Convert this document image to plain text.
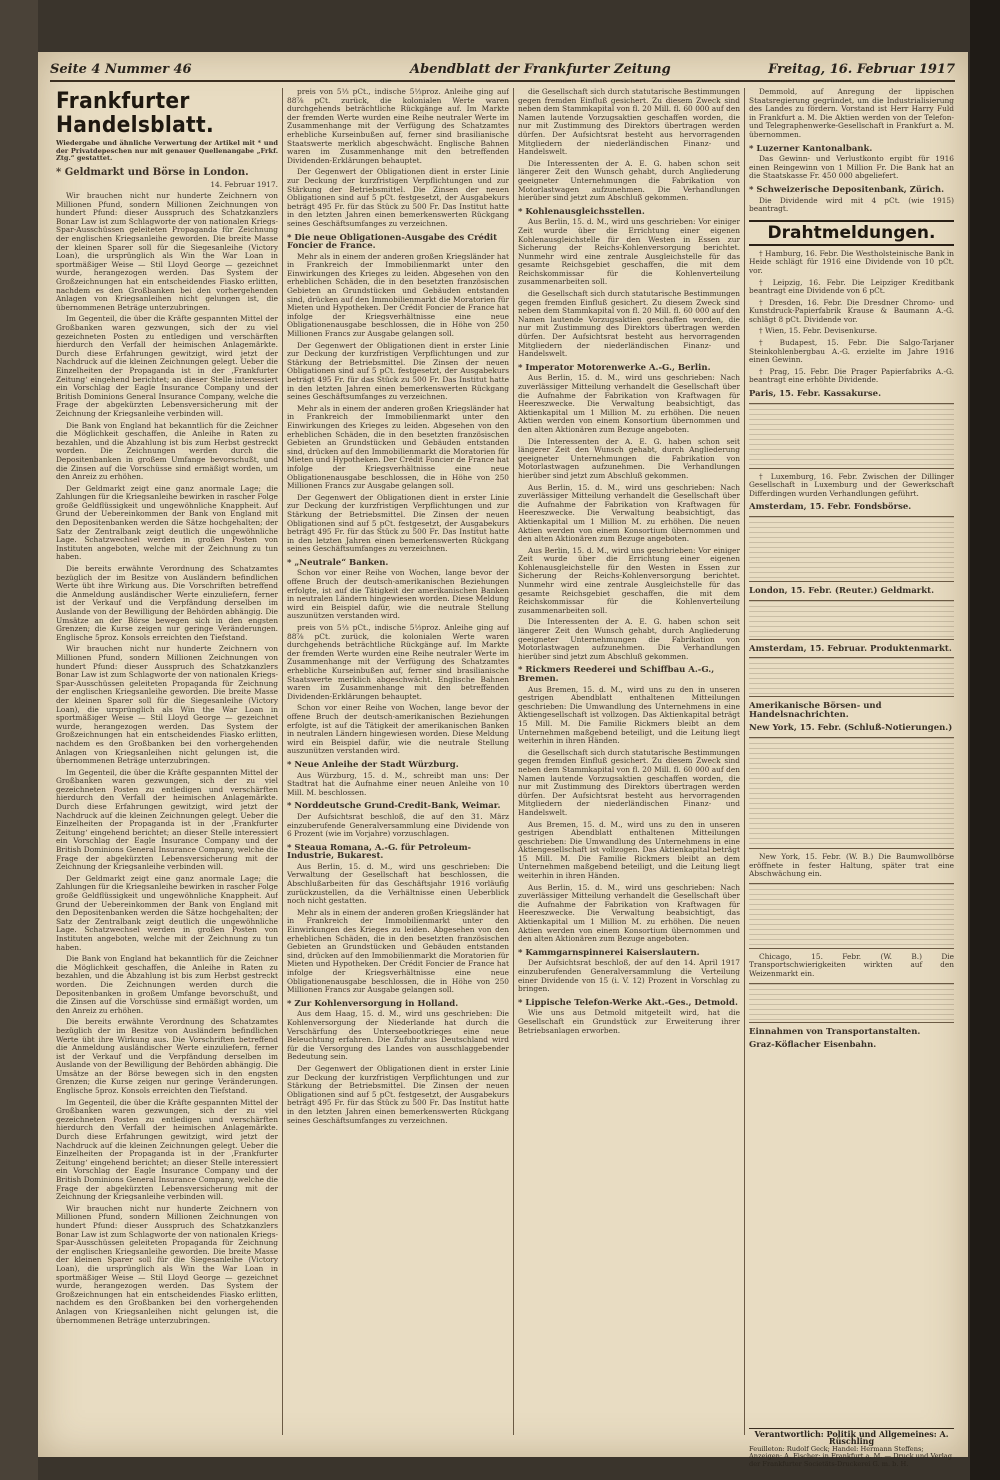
Seite 4 Nummer 46	Abendblatt der Frankfurter Zeitung	Freitag, 16. Februar 1917
Frankfurter Handelsblatt.
Wiedergabe und ähnliche Verwertung der Artikel mit * und der Privatdepeschen nur mit genauer Quellenangabe „Frkf. Ztg.“ gestattet.
* Geldmarkt und Börse in London.
14. Februar 1917.

Wir brauchen nicht nur hunderte Zeichnern von Millionen Pfund, sondern Millionen Zeichnungen von hundert Pfund: dieser Ausspruch des Schatzkanzlers Bonar Law ist zum Schlagworte der von nationalen Kriegs-Spar-Ausschüssen geleiteten Propaganda für Zeichnung der englischen Kriegsanleihe geworden. Die breite Masse der kleinen Sparer soll für die Siegesanleihe (Victory Loan), die ursprünglich als Win the War Loan in sportmäßiger Weise — Stil Lloyd George — gezeichnet wurde, herangezogen werden. Das System der Großzeichnungen hat ein entscheidendes Fiasko erlitten, nachdem es den Großbanken bei den vorhergehenden Anlagen von Kriegsanleihen nicht gelungen ist, die übernommenen Beträge unterzubringen.

Im Gegenteil, die über die Kräfte gespannten Mittel der Großbanken waren gezwungen, sich der zu viel gezeichneten Posten zu entledigen und verschärften hierdurch den Verfall der heimischen Anlagemärkte. Durch diese Erfahrungen gewitzigt, wird jetzt der Nachdruck auf die kleinen Zeichnungen gelegt. Ueber die Einzelheiten der Propaganda ist in der ‚Frankfurter Zeitung‘ eingehend berichtet; an dieser Stelle interessiert ein Vorschlag der Eagle Insurance Company und der British Dominions General Insurance Company, welche die Frage der abgekürzten Lebensversicherung mit der Zeichnung der Kriegsanleihe verbinden will.

Die Bank von England hat bekanntlich für die Zeichner die Möglichkeit geschaffen, die Anleihe in Raten zu bezahlen, und die Abzahlung ist bis zum Herbst gestreckt worden. Die Zeichnungen werden durch die Depositenbanken in großem Umfange bevorschußt, und die Zinsen auf die Vorschüsse sind ermäßigt worden, um den Anreiz zu erhöhen.

Der Geldmarkt zeigt eine ganz anormale Lage; die Zahlungen für die Kriegsanleihe bewirken in rascher Folge große Geldflüssigkeit und ungewöhnliche Knappheit. Auf Grund der Uebereinkommen der Bank von England mit den Depositenbanken werden die Sätze hochgehalten; der Satz der Zentralbank zeigt deutlich die ungewöhnliche Lage. Schatzwechsel werden in großen Posten von Instituten angeboten, welche mit der Zeichnung zu tun haben.

Die bereits erwähnte Verordnung des Schatzamtes bezüglich der im Besitze von Ausländern befindlichen Werte übt ihre Wirkung aus. Die Vorschriften betreffend die Anmeldung ausländischer Werte einzuliefern, ferner ist der Verkauf und die Verpfändung derselben im Auslande von der Bewilligung der Behörden abhängig. Die Umsätze an der Börse bewegen sich in den engsten Grenzen; die Kurse zeigen nur geringe Veränderungen. Englische 5proz. Konsols erreichten den Tiefstand.

Wir brauchen nicht nur hunderte Zeichnern von Millionen Pfund, sondern Millionen Zeichnungen von hundert Pfund: dieser Ausspruch des Schatzkanzlers Bonar Law ist zum Schlagworte der von nationalen Kriegs-Spar-Ausschüssen geleiteten Propaganda für Zeichnung der englischen Kriegsanleihe geworden. Die breite Masse der kleinen Sparer soll für die Siegesanleihe (Victory Loan), die ursprünglich als Win the War Loan in sportmäßiger Weise — Stil Lloyd George — gezeichnet wurde, herangezogen werden. Das System der Großzeichnungen hat ein entscheidendes Fiasko erlitten, nachdem es den Großbanken bei den vorhergehenden Anlagen von Kriegsanleihen nicht gelungen ist, die übernommenen Beträge unterzubringen.

Im Gegenteil, die über die Kräfte gespannten Mittel der Großbanken waren gezwungen, sich der zu viel gezeichneten Posten zu entledigen und verschärften hierdurch den Verfall der heimischen Anlagemärkte. Durch diese Erfahrungen gewitzigt, wird jetzt der Nachdruck auf die kleinen Zeichnungen gelegt. Ueber die Einzelheiten der Propaganda ist in der ‚Frankfurter Zeitung‘ eingehend berichtet; an dieser Stelle interessiert ein Vorschlag der Eagle Insurance Company und der British Dominions General Insurance Company, welche die Frage der abgekürzten Lebensversicherung mit der Zeichnung der Kriegsanleihe verbinden will.

Der Geldmarkt zeigt eine ganz anormale Lage; die Zahlungen für die Kriegsanleihe bewirken in rascher Folge große Geldflüssigkeit und ungewöhnliche Knappheit. Auf Grund der Uebereinkommen der Bank von England mit den Depositenbanken werden die Sätze hochgehalten; der Satz der Zentralbank zeigt deutlich die ungewöhnliche Lage. Schatzwechsel werden in großen Posten von Instituten angeboten, welche mit der Zeichnung zu tun haben.

Die Bank von England hat bekanntlich für die Zeichner die Möglichkeit geschaffen, die Anleihe in Raten zu bezahlen, und die Abzahlung ist bis zum Herbst gestreckt worden. Die Zeichnungen werden durch die Depositenbanken in großem Umfange bevorschußt, und die Zinsen auf die Vorschüsse sind ermäßigt worden, um den Anreiz zu erhöhen.

Die bereits erwähnte Verordnung des Schatzamtes bezüglich der im Besitze von Ausländern befindlichen Werte übt ihre Wirkung aus. Die Vorschriften betreffend die Anmeldung ausländischer Werte einzuliefern, ferner ist der Verkauf und die Verpfändung derselben im Auslande von der Bewilligung der Behörden abhängig. Die Umsätze an der Börse bewegen sich in den engsten Grenzen; die Kurse zeigen nur geringe Veränderungen. Englische 5proz. Konsols erreichten den Tiefstand.

Im Gegenteil, die über die Kräfte gespannten Mittel der Großbanken waren gezwungen, sich der zu viel gezeichneten Posten zu entledigen und verschärften hierdurch den Verfall der heimischen Anlagemärkte. Durch diese Erfahrungen gewitzigt, wird jetzt der Nachdruck auf die kleinen Zeichnungen gelegt. Ueber die Einzelheiten der Propaganda ist in der ‚Frankfurter Zeitung‘ eingehend berichtet; an dieser Stelle interessiert ein Vorschlag der Eagle Insurance Company und der British Dominions General Insurance Company, welche die Frage der abgekürzten Lebensversicherung mit der Zeichnung der Kriegsanleihe verbinden will.

Wir brauchen nicht nur hunderte Zeichnern von Millionen Pfund, sondern Millionen Zeichnungen von hundert Pfund: dieser Ausspruch des Schatzkanzlers Bonar Law ist zum Schlagworte der von nationalen Kriegs-Spar-Ausschüssen geleiteten Propaganda für Zeichnung der englischen Kriegsanleihe geworden. Die breite Masse der kleinen Sparer soll für die Siegesanleihe (Victory Loan), die ursprünglich als Win the War Loan in sportmäßiger Weise — Stil Lloyd George — gezeichnet wurde, herangezogen werden. Das System der Großzeichnungen hat ein entscheidendes Fiasko erlitten, nachdem es den Großbanken bei den vorhergehenden Anlagen von Kriegsanleihen nicht gelungen ist, die übernommenen Beträge unterzubringen.

preis von 5⅓ pCt., indische 5⅓proz. Anleihe ging auf 88⅞ pCt. zurück, die kolonialen Werte waren durchgehends beträchtliche Rückgänge auf. Im Markte der fremden Werte wurden eine Reihe neutraler Werte im Zusammenhange mit der Verfügung des Schatzamtes erhebliche Kurseinbußen auf, ferner sind brasilianische Staatswerte merklich abgeschwächt. Englische Bahnen waren im Zusammenhange mit den betreffenden Dividenden-Erklärungen behauptet.

Der Gegenwert der Obligationen dient in erster Linie zur Deckung der kurzfristigen Verpflichtungen und zur Stärkung der Betriebsmittel. Die Zinsen der neuen Obligationen sind auf 5 pCt. festgesetzt, der Ausgabekurs beträgt 495 Fr. für das Stück zu 500 Fr. Das Institut hatte in den letzten Jahren einen bemerkenswerten Rückgang seines Geschäftsumfanges zu verzeichnen.

* Die neue Obligationen-Ausgabe des Crédit Foncier de France.

Mehr als in einem der anderen großen Kriegsländer hat in Frankreich der Immobilienmarkt unter den Einwirkungen des Krieges zu leiden. Abgesehen von den erheblichen Schäden, die in den besetzten französischen Gebieten an Grundstücken und Gebäuden entstanden sind, drücken auf den Immobilienmarkt die Moratorien für Mieten und Hypotheken. Der Crédit Foncier de France hat infolge der Kriegsverhältnisse eine neue Obligationenausgabe beschlossen, die in Höhe von 250 Millionen Francs zur Ausgabe gelangen soll.

Der Gegenwert der Obligationen dient in erster Linie zur Deckung der kurzfristigen Verpflichtungen und zur Stärkung der Betriebsmittel. Die Zinsen der neuen Obligationen sind auf 5 pCt. festgesetzt, der Ausgabekurs beträgt 495 Fr. für das Stück zu 500 Fr. Das Institut hatte in den letzten Jahren einen bemerkenswerten Rückgang seines Geschäftsumfanges zu verzeichnen.

Mehr als in einem der anderen großen Kriegsländer hat in Frankreich der Immobilienmarkt unter den Einwirkungen des Krieges zu leiden. Abgesehen von den erheblichen Schäden, die in den besetzten französischen Gebieten an Grundstücken und Gebäuden entstanden sind, drücken auf den Immobilienmarkt die Moratorien für Mieten und Hypotheken. Der Crédit Foncier de France hat infolge der Kriegsverhältnisse eine neue Obligationenausgabe beschlossen, die in Höhe von 250 Millionen Francs zur Ausgabe gelangen soll.

Der Gegenwert der Obligationen dient in erster Linie zur Deckung der kurzfristigen Verpflichtungen und zur Stärkung der Betriebsmittel. Die Zinsen der neuen Obligationen sind auf 5 pCt. festgesetzt, der Ausgabekurs beträgt 495 Fr. für das Stück zu 500 Fr. Das Institut hatte in den letzten Jahren einen bemerkenswerten Rückgang seines Geschäftsumfanges zu verzeichnen.

* „Neutrale“ Banken.

Schon vor einer Reihe von Wochen, lange bevor der offene Bruch der deutsch-amerikanischen Beziehungen erfolgte, ist auf die Tätigkeit der amerikanischen Banken in neutralen Ländern hingewiesen worden. Diese Meldung wird ein Beispiel dafür, wie die neutrale Stellung auszunützen verstanden wird.

preis von 5⅓ pCt., indische 5⅓proz. Anleihe ging auf 88⅞ pCt. zurück, die kolonialen Werte waren durchgehends beträchtliche Rückgänge auf. Im Markte der fremden Werte wurden eine Reihe neutraler Werte im Zusammenhange mit der Verfügung des Schatzamtes erhebliche Kurseinbußen auf, ferner sind brasilianische Staatswerte merklich abgeschwächt. Englische Bahnen waren im Zusammenhange mit den betreffenden Dividenden-Erklärungen behauptet.

Schon vor einer Reihe von Wochen, lange bevor der offene Bruch der deutsch-amerikanischen Beziehungen erfolgte, ist auf die Tätigkeit der amerikanischen Banken in neutralen Ländern hingewiesen worden. Diese Meldung wird ein Beispiel dafür, wie die neutrale Stellung auszunützen verstanden wird.

* Neue Anleihe der Stadt Würzburg.

Aus Würzburg, 15. d. M., schreibt man uns: Der Stadtrat hat die Aufnahme einer neuen Anleihe von 10 Mill. M. beschlossen.

* Norddeutsche Grund-Credit-Bank, Weimar.

Der Aufsichtsrat beschloß, die auf den 31. März einzuberufende Generalversammlung eine Dividende von 6 Prozent (wie im Vorjahre) vorzuschlagen.

* Steaua Romana, A.-G. für Petroleum-Industrie, Bukarest.

Aus Berlin, 15. d. M., wird uns geschrieben: Die Verwaltung der Gesellschaft hat beschlossen, die Abschlußarbeiten für das Geschäftsjahr 1916 vorläufig zurückzustellen, da die Verhältnisse einen Ueberblick noch nicht gestatten.

Mehr als in einem der anderen großen Kriegsländer hat in Frankreich der Immobilienmarkt unter den Einwirkungen des Krieges zu leiden. Abgesehen von den erheblichen Schäden, die in den besetzten französischen Gebieten an Grundstücken und Gebäuden entstanden sind, drücken auf den Immobilienmarkt die Moratorien für Mieten und Hypotheken. Der Crédit Foncier de France hat infolge der Kriegsverhältnisse eine neue Obligationenausgabe beschlossen, die in Höhe von 250 Millionen Francs zur Ausgabe gelangen soll.

* Zur Kohlenversorgung in Holland.

Aus dem Haag, 15. d. M., wird uns geschrieben: Die Kohlenversorgung der Niederlande hat durch die Verschärfung des Unterseebootkrieges eine neue Beleuchtung erfahren. Die Zufuhr aus Deutschland wird für die Versorgung des Landes von ausschlaggebender Bedeutung sein.

Der Gegenwert der Obligationen dient in erster Linie zur Deckung der kurzfristigen Verpflichtungen und zur Stärkung der Betriebsmittel. Die Zinsen der neuen Obligationen sind auf 5 pCt. festgesetzt, der Ausgabekurs beträgt 495 Fr. für das Stück zu 500 Fr. Das Institut hatte in den letzten Jahren einen bemerkenswerten Rückgang seines Geschäftsumfanges zu verzeichnen.

die Gesellschaft sich durch statutarische Bestimmungen gegen fremden Einfluß gesichert. Zu diesem Zweck sind neben dem Stammkapital von fl. 20 Mill. fl. 60 000 auf den Namen lautende Vorzugsaktien geschaffen worden, die nur mit Zustimmung des Direktors übertragen werden dürfen. Der Aufsichtsrat besteht aus hervorragenden Mitgliedern der niederländischen Finanz- und Handelswelt.

Die Interessenten der A. E. G. haben schon seit längerer Zeit den Wunsch gehabt, durch Angliederung geeigneter Unternehmungen die Fabrikation von Motorlastwagen aufzunehmen. Die Verhandlungen hierüber sind jetzt zum Abschluß gekommen.

* Kohlenausgleichsstellen.

Aus Berlin, 15. d. M., wird uns geschrieben: Vor einiger Zeit wurde über die Errichtung einer eigenen Kohlenausgleichstelle für den Westen in Essen zur Sicherung der Reichs-Kohlenversorgung berichtet. Nunmehr wird eine zentrale Ausgleichstelle für das gesamte Reichsgebiet geschaffen, die mit dem Reichskommissar für die Kohlenverteilung zusammenarbeiten soll.

die Gesellschaft sich durch statutarische Bestimmungen gegen fremden Einfluß gesichert. Zu diesem Zweck sind neben dem Stammkapital von fl. 20 Mill. fl. 60 000 auf den Namen lautende Vorzugsaktien geschaffen worden, die nur mit Zustimmung des Direktors übertragen werden dürfen. Der Aufsichtsrat besteht aus hervorragenden Mitgliedern der niederländischen Finanz- und Handelswelt.

* Imperator Motorenwerke A.-G., Berlin.

Aus Berlin, 15. d. M., wird uns geschrieben: Nach zuverlässiger Mitteilung verhandelt die Gesellschaft über die Aufnahme der Fabrikation von Kraftwagen für Heereszwecke. Die Verwaltung beabsichtigt, das Aktienkapital um 1 Million M. zu erhöhen. Die neuen Aktien werden von einem Konsortium übernommen und den alten Aktionären zum Bezuge angeboten.

Die Interessenten der A. E. G. haben schon seit längerer Zeit den Wunsch gehabt, durch Angliederung geeigneter Unternehmungen die Fabrikation von Motorlastwagen aufzunehmen. Die Verhandlungen hierüber sind jetzt zum Abschluß gekommen.

Aus Berlin, 15. d. M., wird uns geschrieben: Nach zuverlässiger Mitteilung verhandelt die Gesellschaft über die Aufnahme der Fabrikation von Kraftwagen für Heereszwecke. Die Verwaltung beabsichtigt, das Aktienkapital um 1 Million M. zu erhöhen. Die neuen Aktien werden von einem Konsortium übernommen und den alten Aktionären zum Bezuge angeboten.

Aus Berlin, 15. d. M., wird uns geschrieben: Vor einiger Zeit wurde über die Errichtung einer eigenen Kohlenausgleichstelle für den Westen in Essen zur Sicherung der Reichs-Kohlenversorgung berichtet. Nunmehr wird eine zentrale Ausgleichstelle für das gesamte Reichsgebiet geschaffen, die mit dem Reichskommissar für die Kohlenverteilung zusammenarbeiten soll.

Die Interessenten der A. E. G. haben schon seit längerer Zeit den Wunsch gehabt, durch Angliederung geeigneter Unternehmungen die Fabrikation von Motorlastwagen aufzunehmen. Die Verhandlungen hierüber sind jetzt zum Abschluß gekommen.

* Rickmers Reederei und Schiffbau A.-G., Bremen.

Aus Bremen, 15. d. M., wird uns zu den in unseren gestrigen Abendblatt enthaltenen Mitteilungen geschrieben: Die Umwandlung des Unternehmens in eine Aktiengesellschaft ist vollzogen. Das Aktienkapital beträgt 15 Mill. M. Die Familie Rickmers bleibt an dem Unternehmen maßgebend beteiligt, und die Leitung liegt weiterhin in ihren Händen.

die Gesellschaft sich durch statutarische Bestimmungen gegen fremden Einfluß gesichert. Zu diesem Zweck sind neben dem Stammkapital von fl. 20 Mill. fl. 60 000 auf den Namen lautende Vorzugsaktien geschaffen worden, die nur mit Zustimmung des Direktors übertragen werden dürfen. Der Aufsichtsrat besteht aus hervorragenden Mitgliedern der niederländischen Finanz- und Handelswelt.

Aus Bremen, 15. d. M., wird uns zu den in unseren gestrigen Abendblatt enthaltenen Mitteilungen geschrieben: Die Umwandlung des Unternehmens in eine Aktiengesellschaft ist vollzogen. Das Aktienkapital beträgt 15 Mill. M. Die Familie Rickmers bleibt an dem Unternehmen maßgebend beteiligt, und die Leitung liegt weiterhin in ihren Händen.

Aus Berlin, 15. d. M., wird uns geschrieben: Nach zuverlässiger Mitteilung verhandelt die Gesellschaft über die Aufnahme der Fabrikation von Kraftwagen für Heereszwecke. Die Verwaltung beabsichtigt, das Aktienkapital um 1 Million M. zu erhöhen. Die neuen Aktien werden von einem Konsortium übernommen und den alten Aktionären zum Bezuge angeboten.

* Kammgarnspinnerei Kaiserslautern.

Der Aufsichtsrat beschloß, der auf den 14. April 1917 einzuberufenden Generalversammlung die Verteilung einer Dividende von 15 (i. V. 12) Prozent in Vorschlag zu bringen.

* Lippische Telefon-Werke Akt.-Ges., Detmold.

Wie uns aus Detmold mitgeteilt wird, hat die Gesellschaft ein Grundstück zur Erweiterung ihrer Betriebsanlagen erworben.

Demmold, auf Anregung der lippischen Staatsregierung gegründet, um die Industrialisierung des Landes zu fördern. Vorstand ist Herr Harry Fuld in Frankfurt a. M. Die Aktien werden von der Telefon- und Telegraphenwerke-Gesellschaft in Frankfurt a. M. übernommen.

* Luzerner Kantonalbank.

Das Gewinn- und Verlustkonto ergibt für 1916 einen Reingewinn von 1 Million Fr. Die Bank hat an die Staatskasse Fr. 450 000 abgeliefert.

* Schweizerische Depositenbank, Zürich.

Die Dividende wird mit 4 pCt. (wie 1915) beantragt.

Drahtmeldungen.

† Hamburg, 16. Febr. Die Westholsteinische Bank in Heide schlägt für 1916 eine Dividende von 10 pCt. vor.

† Leipzig, 16. Febr. Die Leipziger Kreditbank beantragt eine Dividende von 6 pCt.

† Dresden, 16. Febr. Die Dresdner Chromo- und Kunstdruck-Papierfabrik Krause & Baumann A.-G. schlägt 8 pCt. Dividende vor.

† Wien, 15. Febr. Devisenkurse.

† Budapest, 15. Febr. Die Salgo-Tarjaner Steinkohlenbergbau A.-G. erzielte im Jahre 1916 einen Gewinn.

† Prag, 15. Febr. Die Prager Papierfabriks A.-G. beantragt eine erhöhte Dividende.

Paris, 15. Febr. Kassakurse.

† Luxemburg, 16. Febr. Zwischen der Dillinger Gesellschaft in Luxemburg und der Gewerkschaft Differdingen wurden Verhandlungen geführt.

Amsterdam, 15. Febr. Fondsbörse.
London, 15. Febr. (Reuter.) Geldmarkt.
Amsterdam, 15. Februar. Produktenmarkt.
Amerikanische Börsen- und Handelsnachrichten.
New York, 15. Febr. (Schluß-Notierungen.)

New York, 15. Febr. (W. B.) Die Baumwollbörse eröffnete in fester Haltung, später trat eine Abschwächung ein.

Chicago, 15. Febr. (W. B.) Die Transportschwierigkeiten wirkten auf den Weizenmarkt ein.

Einnahmen von Transportanstalten.
Graz-Köflacher Eisenbahn.
Verantwortlich: Politik und Allgemeines: A. Rüschling
Feuilleton: Rudolf Geck; Handel: Hermann Steffens; Anzeigen: A. Fischer; in Frankfurt a. M. — Druck und Verlag der Frankfurter Societäts-Druckerei G. m. b. H.
